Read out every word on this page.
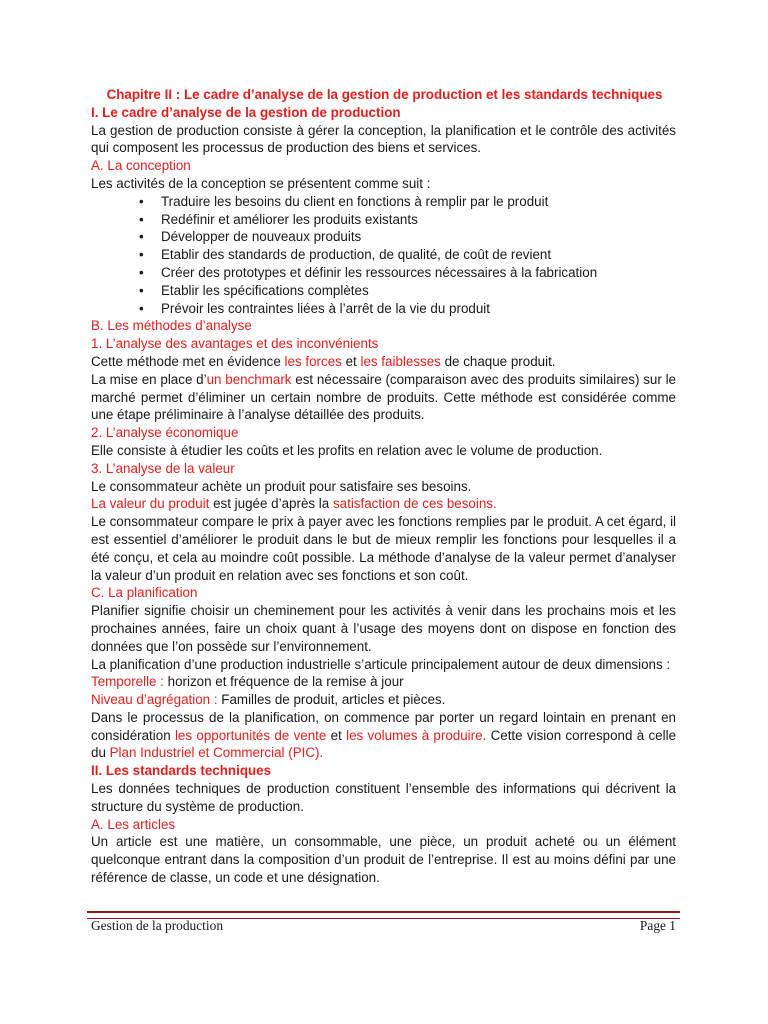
Chapitre II : Le cadre d’analyse de la gestion de production et les standards techniques

I. Le cadre d’analyse de la gestion de production

La gestion de production consiste à gérer la conception, la planification et le contrôle des activités qui composent les processus de production des biens et services.

A. La conception

Les activités de la conception se présentent comme suit :

• Traduire les besoins du client en fonctions à remplir par le produit
• Redéfinir et améliorer les produits existants
• Développer de nouveaux produits
• Etablir des standards de production, de qualité, de coût de revient
• Créer des prototypes et définir les ressources nécessaires à la fabrication
• Etablir les spécifications complètes
• Prévoir les contraintes liées à l’arrêt de la vie du produit

B. Les méthodes d’analyse

1. L’analyse des avantages et des inconvénients

Cette méthode met en évidence les forces et les faiblesses de chaque produit.

La mise en place d’un benchmark est nécessaire (comparaison avec des produits similaires) sur le marché permet d’éliminer un certain nombre de produits. Cette méthode est considérée comme une étape préliminaire à l’analyse détaillée des produits.

2. L’analyse économique

Elle consiste à étudier les coûts et les profits en relation avec le volume de production.

3. L’analyse de la valeur

Le consommateur achète un produit pour satisfaire ses besoins.

La valeur du produit est jugée d’après la satisfaction de ces besoins.

Le consommateur compare le prix à payer avec les fonctions remplies par le produit. A cet égard, il est essentiel d’améliorer le produit dans le but de mieux remplir les fonctions pour lesquelles il a été conçu, et cela au moindre coût possible. La méthode d’analyse de la valeur permet d’analyser la valeur d’un produit en relation avec ses fonctions et son coût.

C. La planification

Planifier signifie choisir un cheminement pour les activités à venir dans les prochains mois et les prochaines années, faire un choix quant à l’usage des moyens dont on dispose en fonction des données que l’on possède sur l’environnement.

La planification d’une production industrielle s’articule principalement autour de deux dimensions :

Temporelle : horizon et fréquence de la remise à jour

Niveau d’agrégation : Familles de produit, articles et pièces.

Dans le processus de la planification, on commence par porter un regard lointain en prenant en considération les opportunités de vente et les volumes à produire. Cette vision correspond à celle du Plan Industriel et Commercial (PIC).

II. Les standards techniques

Les données techniques de production constituent l’ensemble des informations qui décrivent la structure du système de production.

A. Les articles

Un article est une matière, un consommable, une pièce, un produit acheté ou un élément quelconque entrant dans la composition d’un produit de l’entreprise. Il est au moins défini par une référence de classe, un code et une désignation.

Gestion de la production	Page 1
